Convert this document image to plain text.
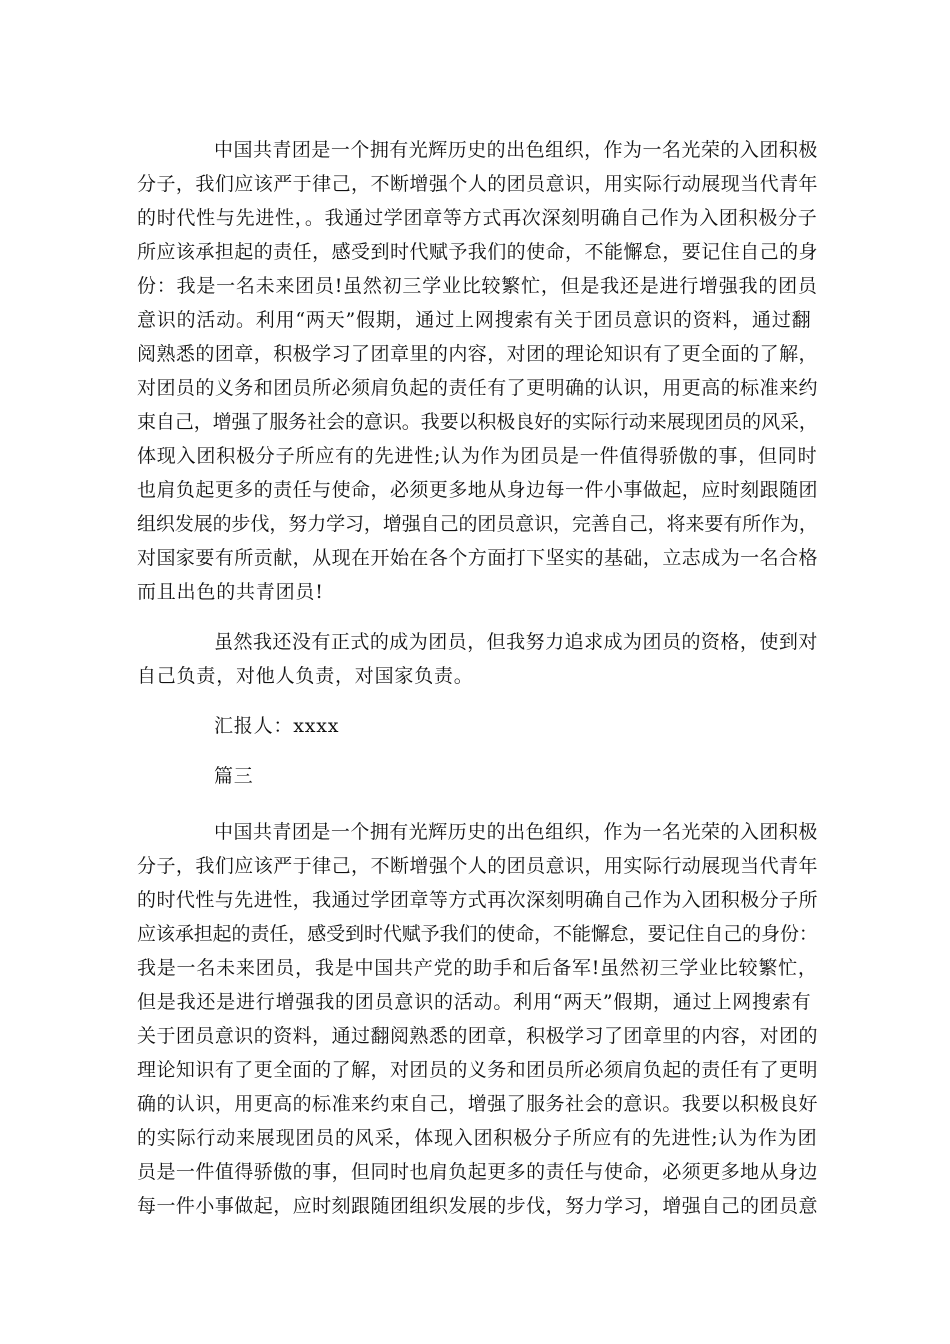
中国共青团是一个拥有光辉历史的出色组织，作为一名光荣的入团积极
分子，我们应该严于律己，不断增强个人的团员意识，用实际行动展现当代青年
的时代性与先进性，。我通过学团章等方式再次深刻明确自己作为入团积极分子
所应该承担起的责任，感受到时代赋予我们的使命，不能懈怠，要记住自己的身
份：我是一名未来团员!虽然初三学业比较繁忙，但是我还是进行增强我的团员
意识的活动。利用“两天”假期，通过上网搜索有关于团员意识的资料，通过翻
阅熟悉的团章，积极学习了团章里的内容，对团的理论知识有了更全面的了解，
对团员的义务和团员所必须肩负起的责任有了更明确的认识，用更高的标准来约
束自己，增强了服务社会的意识。我要以积极良好的实际行动来展现团员的风采，
体现入团积极分子所应有的先进性;认为作为团员是一件值得骄傲的事，但同时
也肩负起更多的责任与使命，必须更多地从身边每一件小事做起，应时刻跟随团
组织发展的步伐，努力学习，增强自己的团员意识，完善自己，将来要有所作为，
对国家要有所贡献，从现在开始在各个方面打下坚实的基础，立志成为一名合格
而且出色的共青团员!
虽然我还没有正式的成为团员，但我努力追求成为团员的资格，使到对
自己负责，对他人负责，对国家负责。
汇报人：xxxx
篇三
中国共青团是一个拥有光辉历史的出色组织，作为一名光荣的入团积极
分子，我们应该严于律己，不断增强个人的团员意识，用实际行动展现当代青年
的时代性与先进性，我通过学团章等方式再次深刻明确自己作为入团积极分子所
应该承担起的责任，感受到时代赋予我们的使命，不能懈怠，要记住自己的身份：
我是一名未来团员，我是中国共产党的助手和后备军!虽然初三学业比较繁忙，
但是我还是进行增强我的团员意识的活动。利用“两天”假期，通过上网搜索有
关于团员意识的资料，通过翻阅熟悉的团章，积极学习了团章里的内容，对团的
理论知识有了更全面的了解，对团员的义务和团员所必须肩负起的责任有了更明
确的认识，用更高的标准来约束自己，增强了服务社会的意识。我要以积极良好
的实际行动来展现团员的风采，体现入团积极分子所应有的先进性;认为作为团
员是一件值得骄傲的事，但同时也肩负起更多的责任与使命，必须更多地从身边
每一件小事做起，应时刻跟随团组织发展的步伐，努力学习，增强自己的团员意
